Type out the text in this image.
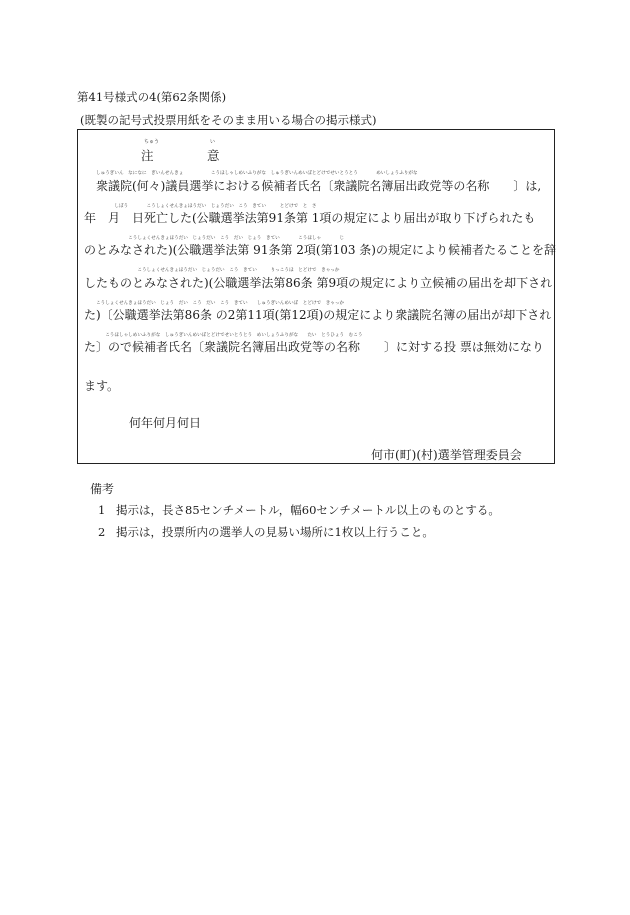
第41号様式の4(第62条関係)
(既製の記号式投票用紙をそのまま用いる場合の掲示様式)
ちゅう	い
注	意
しゅうぎいん　なになに　ぎいんせんきょ　　　　　　こうほしゃしめいふりがな　しゅうぎいんめいぼとどけでせいとうとう　　　　めいしょうふりがな
　　　　しぼう　　　　こうしょくせんきょほうだい　じょうだい　こう　きてい　　　とどけで　と　さ
　　　　　　　こうしょくせんきょほうだい　じょうだい　こう　だい　じょう　きてい　　　　こうほしゃ　　　　じ
　　　　　　　　　こうしょくせんきょほうだい　じょうだい　こう　きてい　　　りっこうほ　とどけで　きゃっか
こうしょくせんきょほうだい　じょう　だい　こう　だい　こう　きてい　　しゅうぎいんめいぼ　とどけで　きゃっか
　　こうほしゃしめいふりがな　しゅうぎいんめいぼとどけでせいとうとう　めいしょうふりがな　　たい　とうひょう　むこう
衆議院(何々)議員選挙における候補者氏名〔衆議院名簿届出政党等の名称　　〕は,
年　月　日死亡した(公職選挙法第91条第 1項の規定により届出が取り下げられたも
のとみなされた)(公職選挙法第 91条第 2項(第103 条)の規定により候補者たることを辞
したものとみなされた)(公職選挙法第86条 第9項の規定により立候補の届出を却下され
た)〔公職選挙法第86条 の2第11項(第12項)の規定により衆議院名簿の届出が却下され
た〕ので候補者氏名〔衆議院名簿届出政党等の名称　　〕に対する投 票は無効になり
ます。
何年何月何日
何市(町)(村)選挙管理委員会
備考
1 掲示は，長さ85センチメートル，幅60センチメートル以上のものとする。
2 掲示は，投票所内の選挙人の見易い場所に1枚以上行うこと。
